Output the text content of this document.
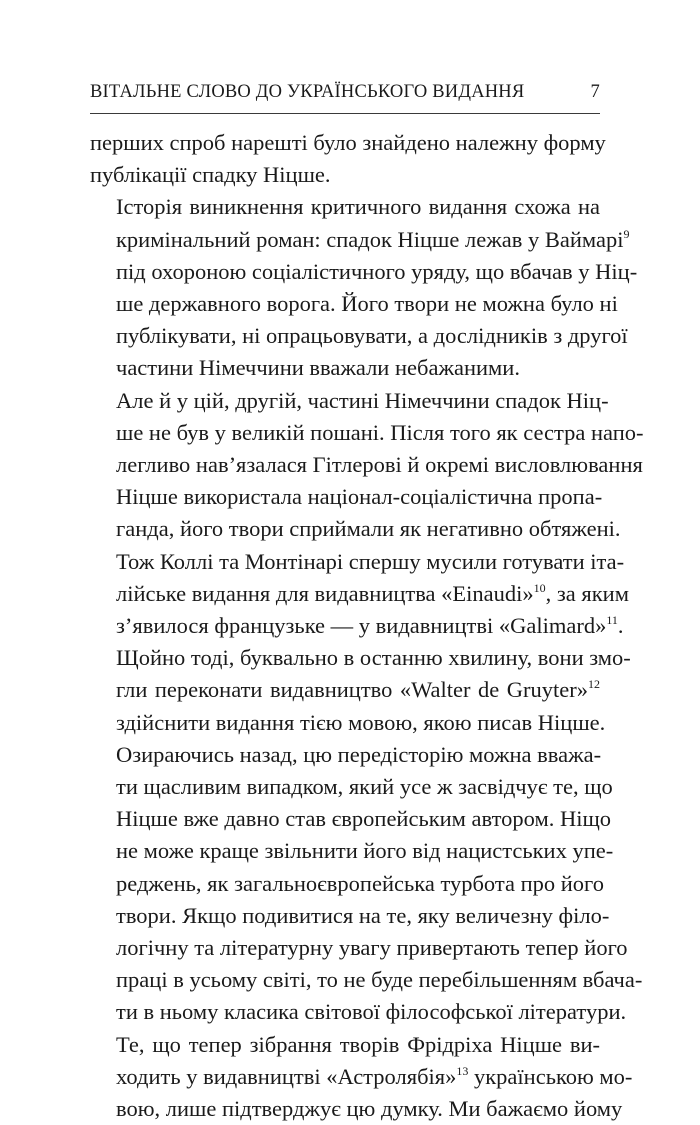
ВІТАЛЬНЕ СЛОВО ДО УКРАЇНСЬКОГО ВИДАННЯ	7

перших спроб нарешті було знайдено належну форму
публікації спадку Ніцше.

Історія виникнення критичного видання схожа на
кримінальний роман: спадок Ніцше лежав у Ваймарі$^9$
під охороною соціалістичного уряду, що вбачав у Ніц-
ше державного ворога. Його твори не можна було ні
публікувати, ні опрацьовувати, а дослідників з другої
частини Німеччини вважали небажаними.

Але й у цій, другій, частині Німеччини спадок Ніц-
ше не був у великій пошані. Після того як сестра напо-
легливо нав’язалася Гітлерові й окремі висловлювання
Ніцше використала націонал-соціалістична пропа-
ганда, його твори сприймали як негативно обтяжені.
Тож Коллі та Монтінарі спершу мусили готувати іта-
лійське видання для видавництва «Einaudi»$^{10}$, за яким
з’явилося французьке — у видавництві «Galimard»$^{11}$.
Щойно тоді, буквально в останню хвилину, вони змо-
гли переконати видавництво «Walter de Gruyter»$^{12}$
здійснити видання тією мовою, якою писав Ніцше.

Озираючись назад, цю передісторію можна вважа-
ти щасливим випадком, який усе ж засвідчує те, що
Ніцше вже давно став європейським автором. Ніщо
не може краще звільнити його від нацистських упе-
реджень, як загальноєвропейська турбота про його
твори. Якщо подивитися на те, яку величезну філо-
логічну та літературну увагу привертають тепер його
праці в усьому світі, то не буде перебільшенням вбача-
ти в ньому класика світової філософської літератури.

Те, що тепер зібрання творів Фрідріха Ніцше ви-
ходить у видавництві «Астролябія»$^{13}$ українською мо-
вою, лише підтверджує цю думку. Ми бажаємо йому
